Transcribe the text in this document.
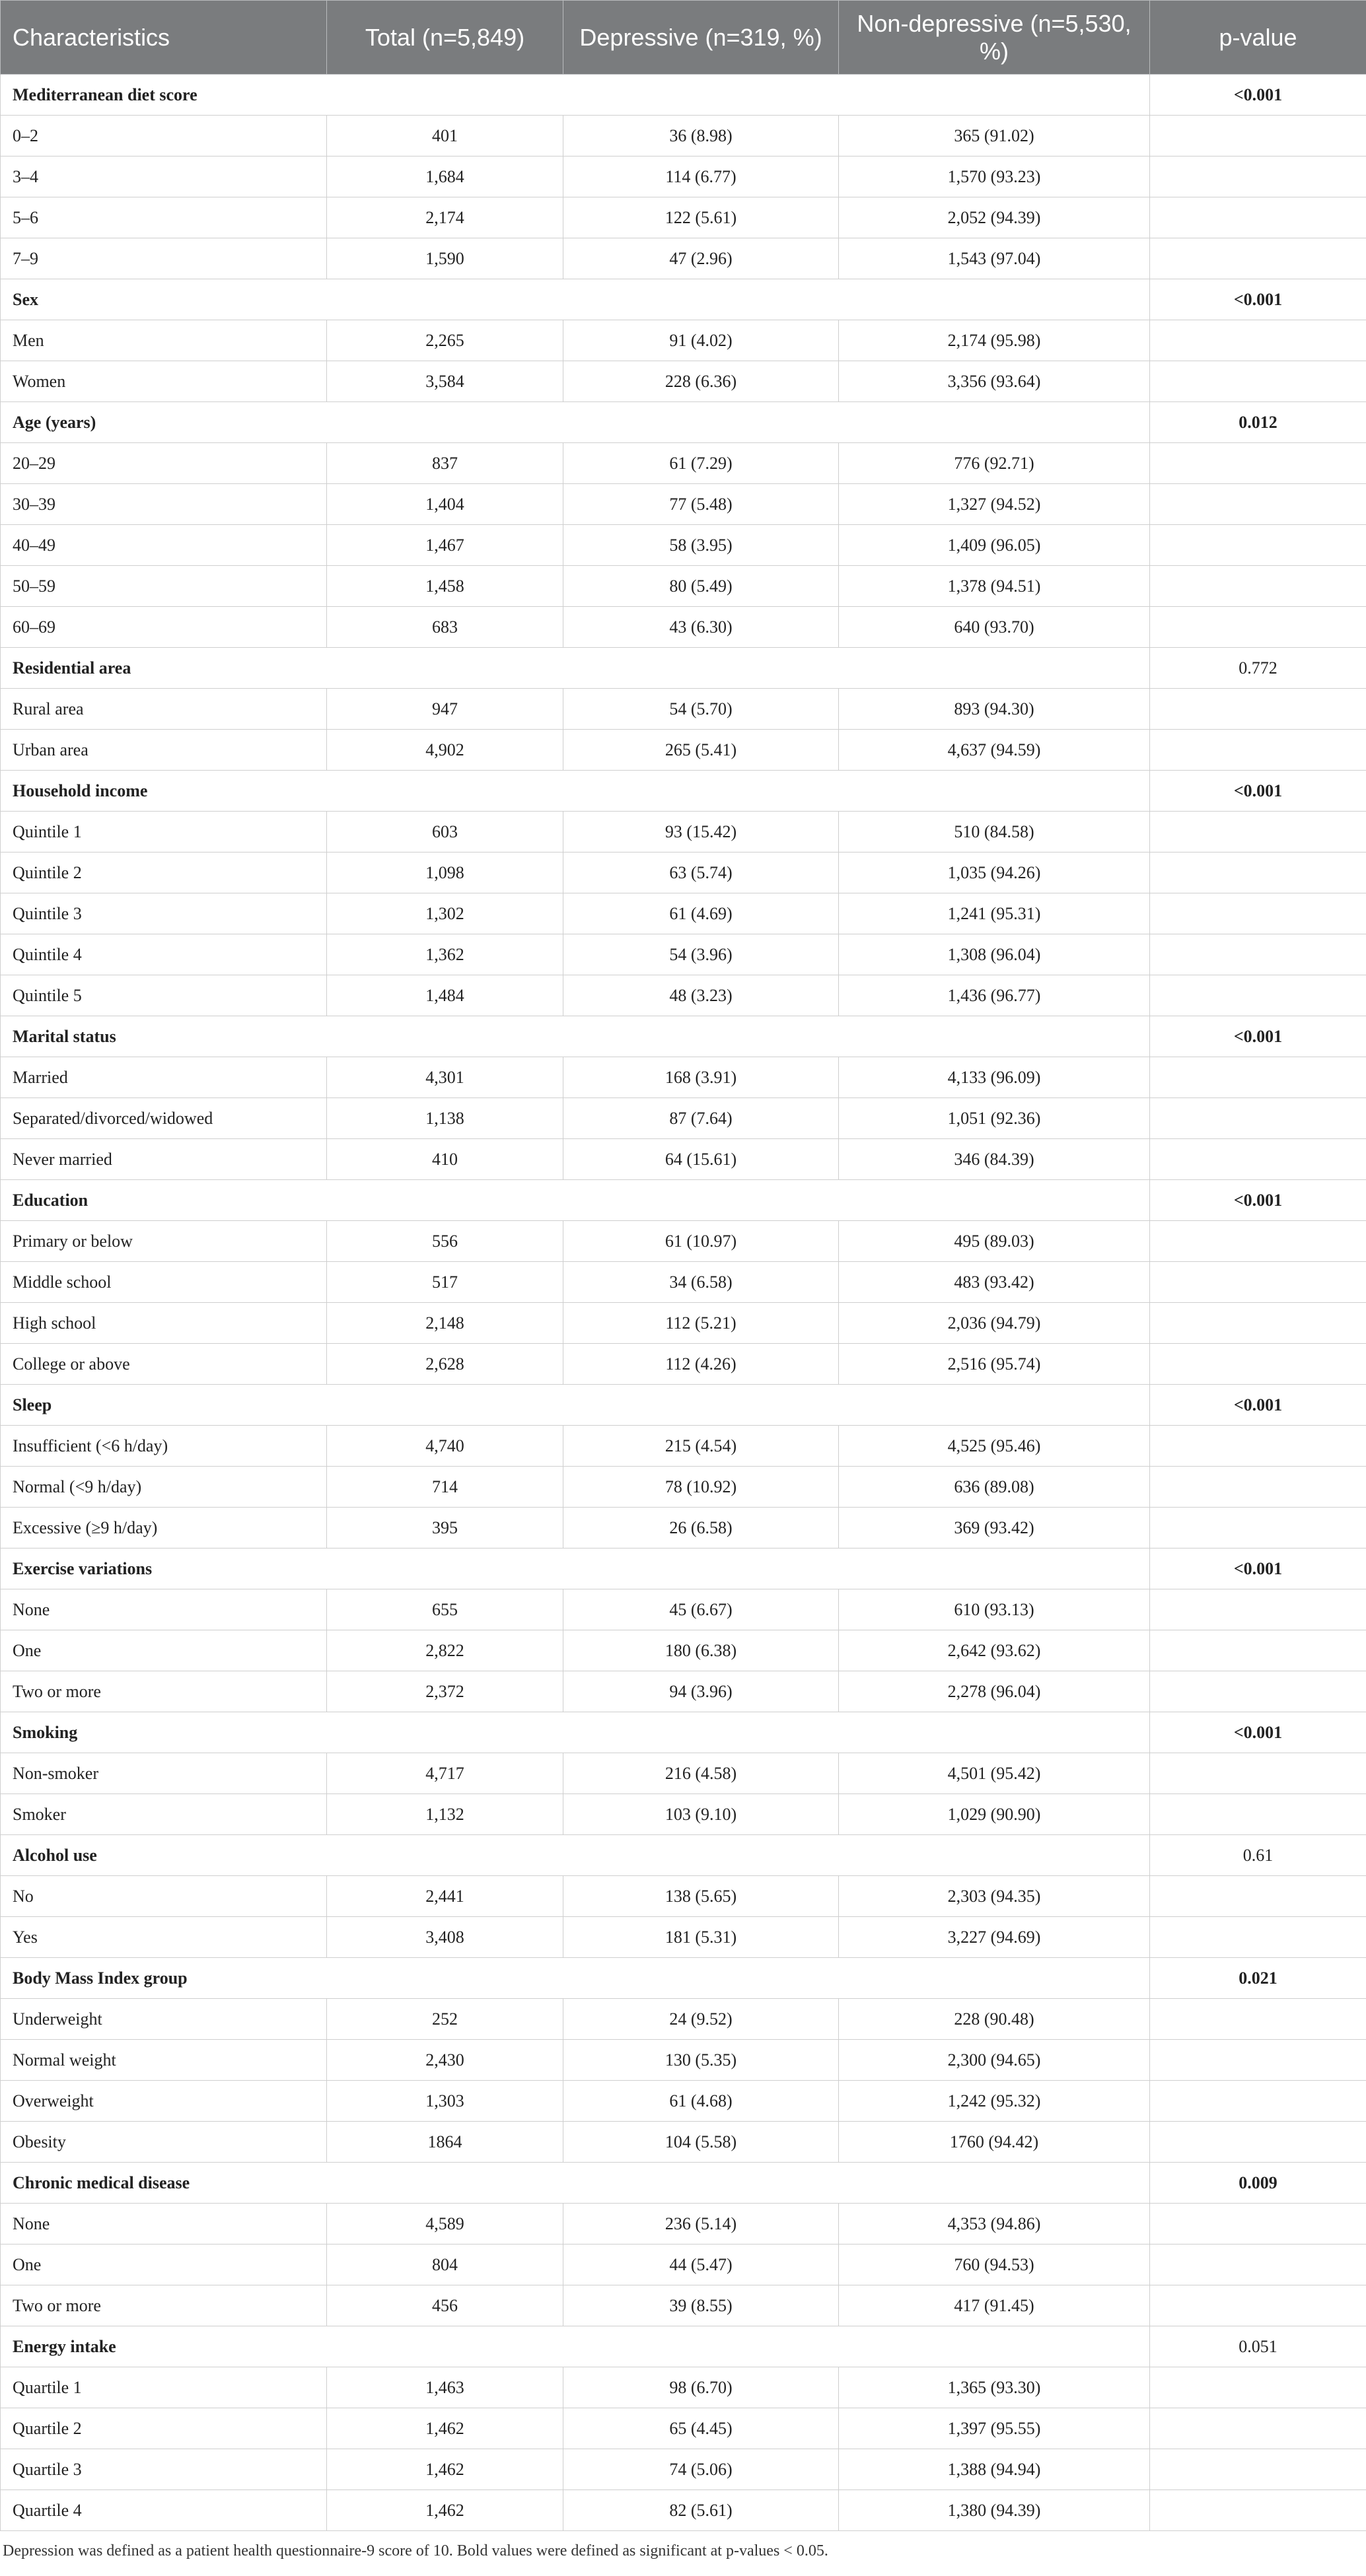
Characteristics	Total (n=5,849)	Depressive (n=319, %)	Non-depressive (n=5,530, %)	p-value
Mediterranean diet score				<0.001
0–2	401	36 (8.98)	365 (91.02)	
3–4	1,684	114 (6.77)	1,570 (93.23)	
5–6	2,174	122 (5.61)	2,052 (94.39)	
7–9	1,590	47 (2.96)	1,543 (97.04)	
Sex				<0.001
Men	2,265	91 (4.02)	2,174 (95.98)	
Women	3,584	228 (6.36)	3,356 (93.64)	
Age (years)				0.012
20–29	837	61 (7.29)	776 (92.71)	
30–39	1,404	77 (5.48)	1,327 (94.52)	
40–49	1,467	58 (3.95)	1,409 (96.05)	
50–59	1,458	80 (5.49)	1,378 (94.51)	
60–69	683	43 (6.30)	640 (93.70)	
Residential area				0.772
Rural area	947	54 (5.70)	893 (94.30)	
Urban area	4,902	265 (5.41)	4,637 (94.59)	
Household income				<0.001
Quintile 1	603	93 (15.42)	510 (84.58)	
Quintile 2	1,098	63 (5.74)	1,035 (94.26)	
Quintile 3	1,302	61 (4.69)	1,241 (95.31)	
Quintile 4	1,362	54 (3.96)	1,308 (96.04)	
Quintile 5	1,484	48 (3.23)	1,436 (96.77)	
Marital status				<0.001
Married	4,301	168 (3.91)	4,133 (96.09)	
Separated/divorced/widowed	1,138	87 (7.64)	1,051 (92.36)	
Never married	410	64 (15.61)	346 (84.39)	
Education				<0.001
Primary or below	556	61 (10.97)	495 (89.03)	
Middle school	517	34 (6.58)	483 (93.42)	
High school	2,148	112 (5.21)	2,036 (94.79)	
College or above	2,628	112 (4.26)	2,516 (95.74)	
Sleep				<0.001
Insufficient (<6 h/day)	4,740	215 (4.54)	4,525 (95.46)	
Normal (<9 h/day)	714	78 (10.92)	636 (89.08)	
Excessive (≥9 h/day)	395	26 (6.58)	369 (93.42)	
Exercise variations				<0.001
None	655	45 (6.67)	610 (93.13)	
One	2,822	180 (6.38)	2,642 (93.62)	
Two or more	2,372	94 (3.96)	2,278 (96.04)	
Smoking				<0.001
Non-smoker	4,717	216 (4.58)	4,501 (95.42)	
Smoker	1,132	103 (9.10)	1,029 (90.90)	
Alcohol use				0.61
No	2,441	138 (5.65)	2,303 (94.35)	
Yes	3,408	181 (5.31)	3,227 (94.69)	
Body Mass Index group				0.021
Underweight	252	24 (9.52)	228 (90.48)	
Normal weight	2,430	130 (5.35)	2,300 (94.65)	
Overweight	1,303	61 (4.68)	1,242 (95.32)	
Obesity	1864	104 (5.58)	1760 (94.42)	
Chronic medical disease				0.009
None	4,589	236 (5.14)	4,353 (94.86)	
One	804	44 (5.47)	760 (94.53)	
Two or more	456	39 (8.55)	417 (91.45)	
Energy intake				0.051
Quartile 1	1,463	98 (6.70)	1,365 (93.30)	
Quartile 2	1,462	65 (4.45)	1,397 (95.55)	
Quartile 3	1,462	74 (5.06)	1,388 (94.94)	
Quartile 4	1,462	82 (5.61)	1,380 (94.39)	

Depression was defined as a patient health questionnaire-9 score of 10. Bold values were defined as significant at p-values < 0.05.
